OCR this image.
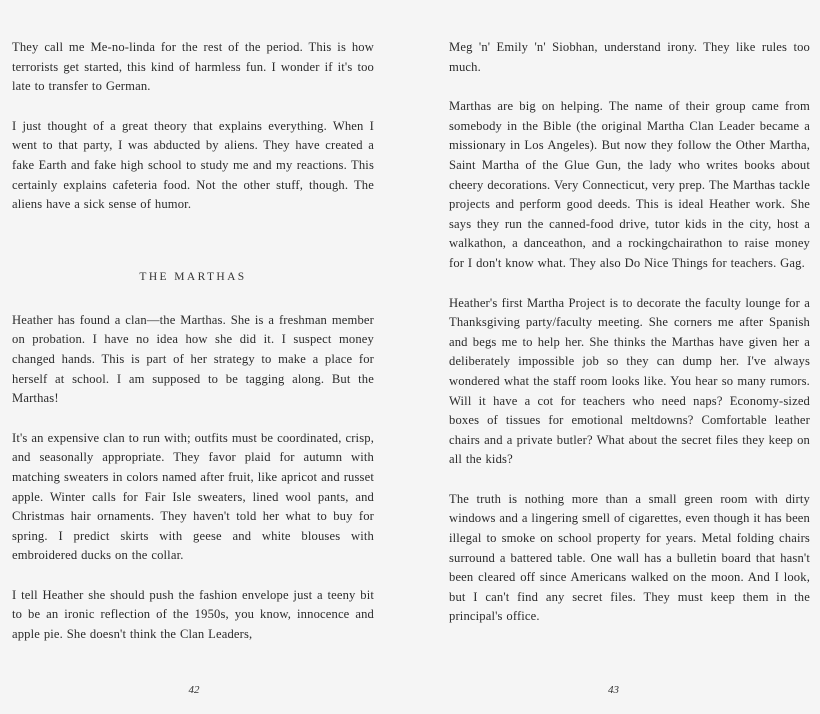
They call me Me-no-linda for the rest of the period. This is how terrorists get started, this kind of harmless fun. I wonder if it's too late to transfer to German.

I just thought of a great theory that explains everything. When I went to that party, I was abducted by aliens. They have created a fake Earth and fake high school to study me and my reactions. This certainly explains cafeteria food. Not the other stuff, though. The aliens have a sick sense of humor.

THE MARTHAS

Heather has found a clan—the Marthas. She is a freshman member on probation. I have no idea how she did it. I suspect money changed hands. This is part of her strategy to make a place for herself at school. I am supposed to be tagging along. But the Marthas!

It's an expensive clan to run with; outfits must be coordinated, crisp, and seasonally appropriate. They favor plaid for autumn with matching sweaters in colors named after fruit, like apricot and russet apple. Winter calls for Fair Isle sweaters, lined wool pants, and Christmas hair ornaments. They haven't told her what to buy for spring. I predict skirts with geese and white blouses with embroidered ducks on the collar.

I tell Heather she should push the fashion envelope just a teeny bit to be an ironic reflection of the 1950s, you know, innocence and apple pie. She doesn't think the Clan Leaders,

42

Meg 'n' Emily 'n' Siobhan, understand irony. They like rules too much.

Marthas are big on helping. The name of their group came from somebody in the Bible (the original Martha Clan Leader became a missionary in Los Angeles). But now they follow the Other Martha, Saint Martha of the Glue Gun, the lady who writes books about cheery decorations. Very Connecticut, very prep. The Marthas tackle projects and perform good deeds. This is ideal Heather work. She says they run the canned-food drive, tutor kids in the city, host a walkathon, a danceathon, and a rockingchairathon to raise money for I don't know what. They also Do Nice Things for teachers. Gag.

Heather's first Martha Project is to decorate the faculty lounge for a Thanksgiving party/faculty meeting. She corners me after Spanish and begs me to help her. She thinks the Marthas have given her a deliberately impossible job so they can dump her. I've always wondered what the staff room looks like. You hear so many rumors. Will it have a cot for teachers who need naps? Economy-sized boxes of tissues for emotional meltdowns? Comfortable leather chairs and a private butler? What about the secret files they keep on all the kids?

The truth is nothing more than a small green room with dirty windows and a lingering smell of cigarettes, even though it has been illegal to smoke on school property for years. Metal folding chairs surround a battered table. One wall has a bulletin board that hasn't been cleared off since Americans walked on the moon. And I look, but I can't find any secret files. They must keep them in the principal's office.

43
